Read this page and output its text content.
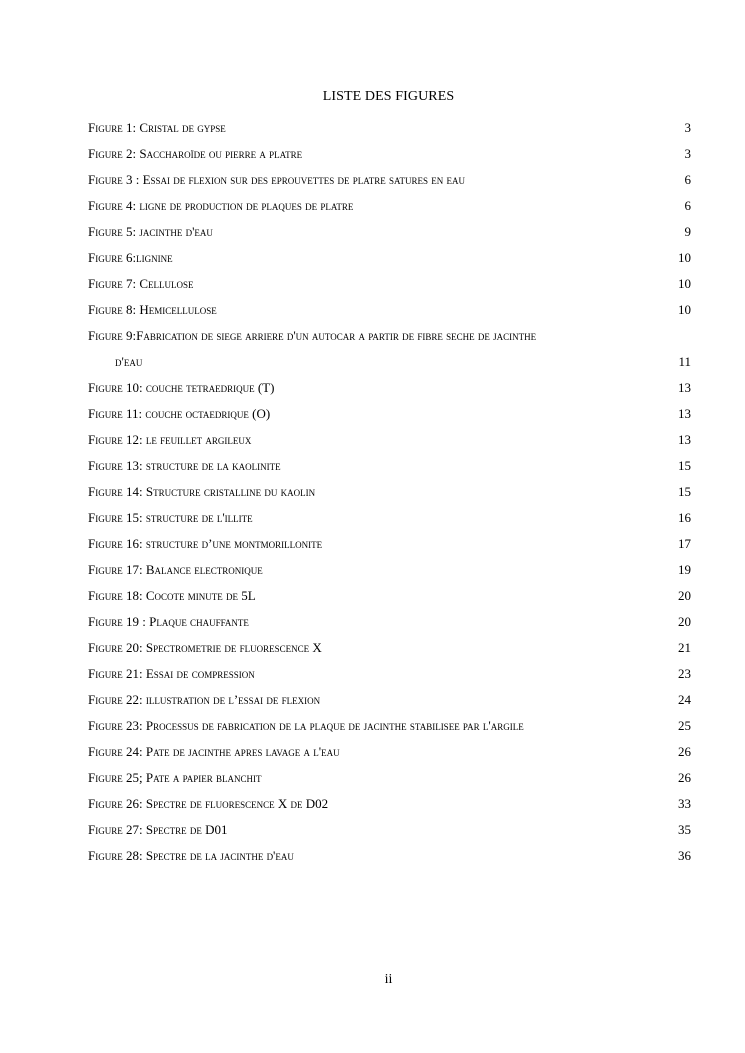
LISTE DES FIGURES
Figure 1: Cristal de gypse	3
Figure 2: Saccharoïde ou pierre a platre	3
Figure 3 : Essai de flexion sur des eprouvettes de platre satures en eau	6
Figure 4: ligne de production de plaques de platre	6
Figure 5: jacinthe d'eau	9
Figure 6:lignine	10
Figure 7: Cellulose	10
Figure 8: Hemicellulose	10
Figure 9:Fabrication de siege arriere d'un autocar a partir de fibre seche de jacinthe
d'eau	11
Figure 10: couche tetraedrique (T)	13
Figure 11: couche octaedrique (O)	13
Figure 12: le feuillet argileux	13
Figure 13: structure de la kaolinite	15
Figure 14: Structure cristalline du kaolin	15
Figure 15: structure de l'illite	16
Figure 16: structure d’une montmorillonite	17
Figure 17: Balance electronique	19
Figure 18: Cocote minute de 5L	20
Figure 19 : Plaque chauffante	20
Figure 20: Spectrometrie de fluorescence X	21
Figure 21: Essai de compression	23
Figure 22: illustration de l’essai de flexion	24
Figure 23: Processus de fabrication de la plaque de jacinthe stabilisee par l'argile	25
Figure 24: Pate de jacinthe apres lavage a l'eau	26
Figure 25; Pate a papier blanchit	26
Figure 26: Spectre de fluorescence X de D02	33
Figure 27: Spectre de D01	35
Figure 28: Spectre de la jacinthe d'eau	36
ii
